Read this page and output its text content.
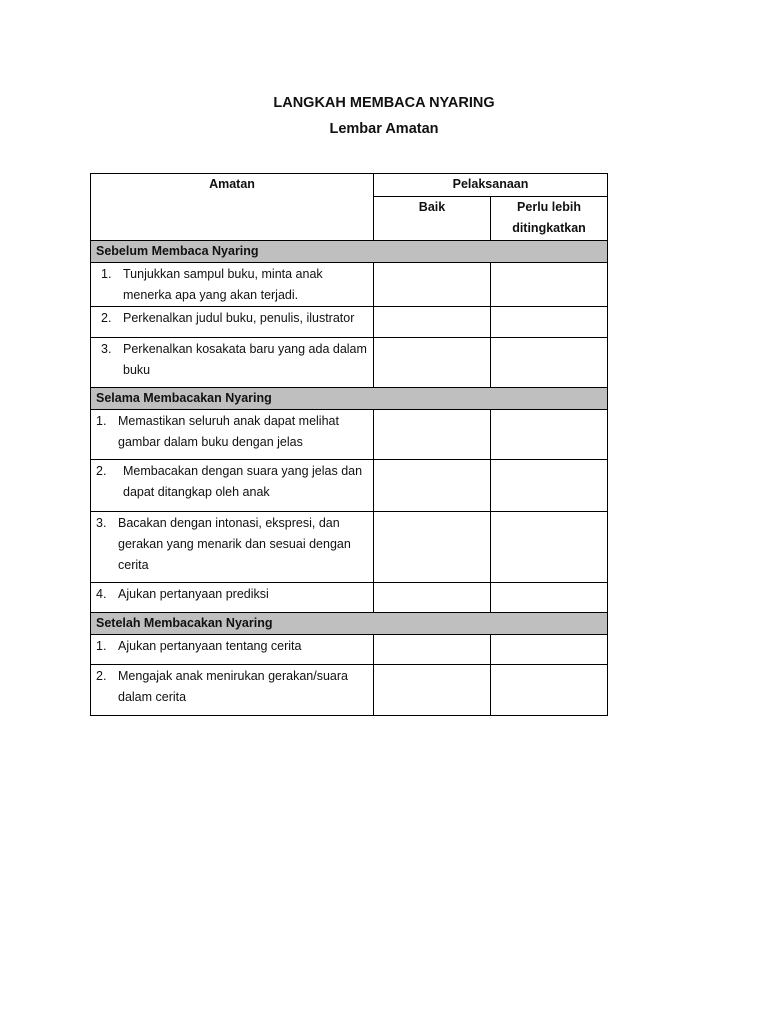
LANGKAH MEMBACA NYARING
Lembar Amatan
Amatan	Pelaksanaan	
	Baik	Perlu lebih
ditingkatkan

Sebelum Membaca Nyaring		

1. Tunjukkan sampul buku, minta anak menerka apa yang akan terjadi.		

2. Perkenalkan judul buku, penulis, ilustrator		

3. Perkenalkan kosakata baru yang ada dalam buku		

Selama Membacakan Nyaring		

1. Memastikan seluruh anak dapat melihat gambar dalam buku dengan jelas		

2. Membacakan dengan suara yang jelas dan dapat ditangkap oleh anak		

3. Bacakan dengan intonasi, ekspresi, dan gerakan yang menarik dan sesuai dengan cerita		

4. Ajukan pertanyaan prediksi		

Setelah Membacakan Nyaring		

1. Ajukan pertanyaan tentang cerita		

2. Mengajak anak menirukan gerakan/suara dalam cerita		
